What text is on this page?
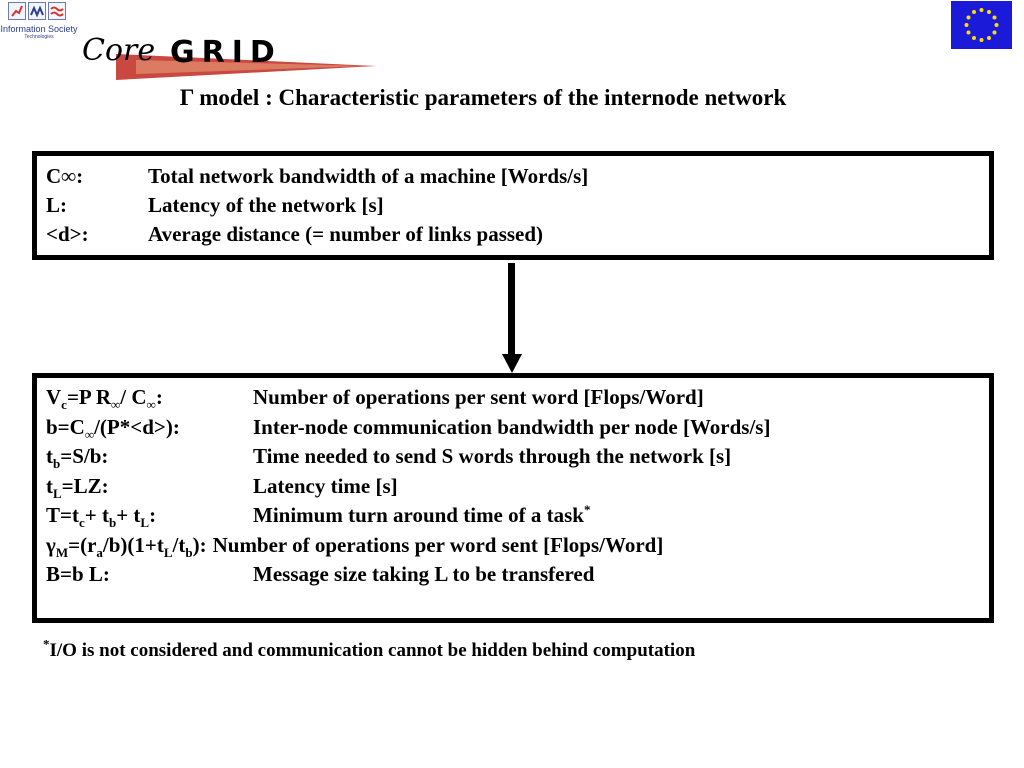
Information Society
Technologies Core GRID
Γ model : Characteristic parameters of the internode network
C∞:	Total network bandwidth of a machine [Words/s]
L:	Latency of the network [s]
<d>:	Average distance (= number of links passed)
$V_c=P$ $R_\infty/$ $C_\infty$:	Number of operations per sent word [Flops/Word]
$b=C_\infty/(P*<d>)$:	Inter-node communication bandwidth per node [Words/s]
$t_b=S/b$:	Time needed to send S words through the network [s]
$t_L=LZ$:	Latency time [s]
$T=t_c+ t_b+ t_L$:	Minimum turn around time of a task*
$\gamma_M=(r_a/b)(1+t_L/t_b)$: Number of operations per word sent [Flops/Word]
B=b L:	Message size taking L to be transfered
*I/O is not considered and communication cannot be hidden behind computation
